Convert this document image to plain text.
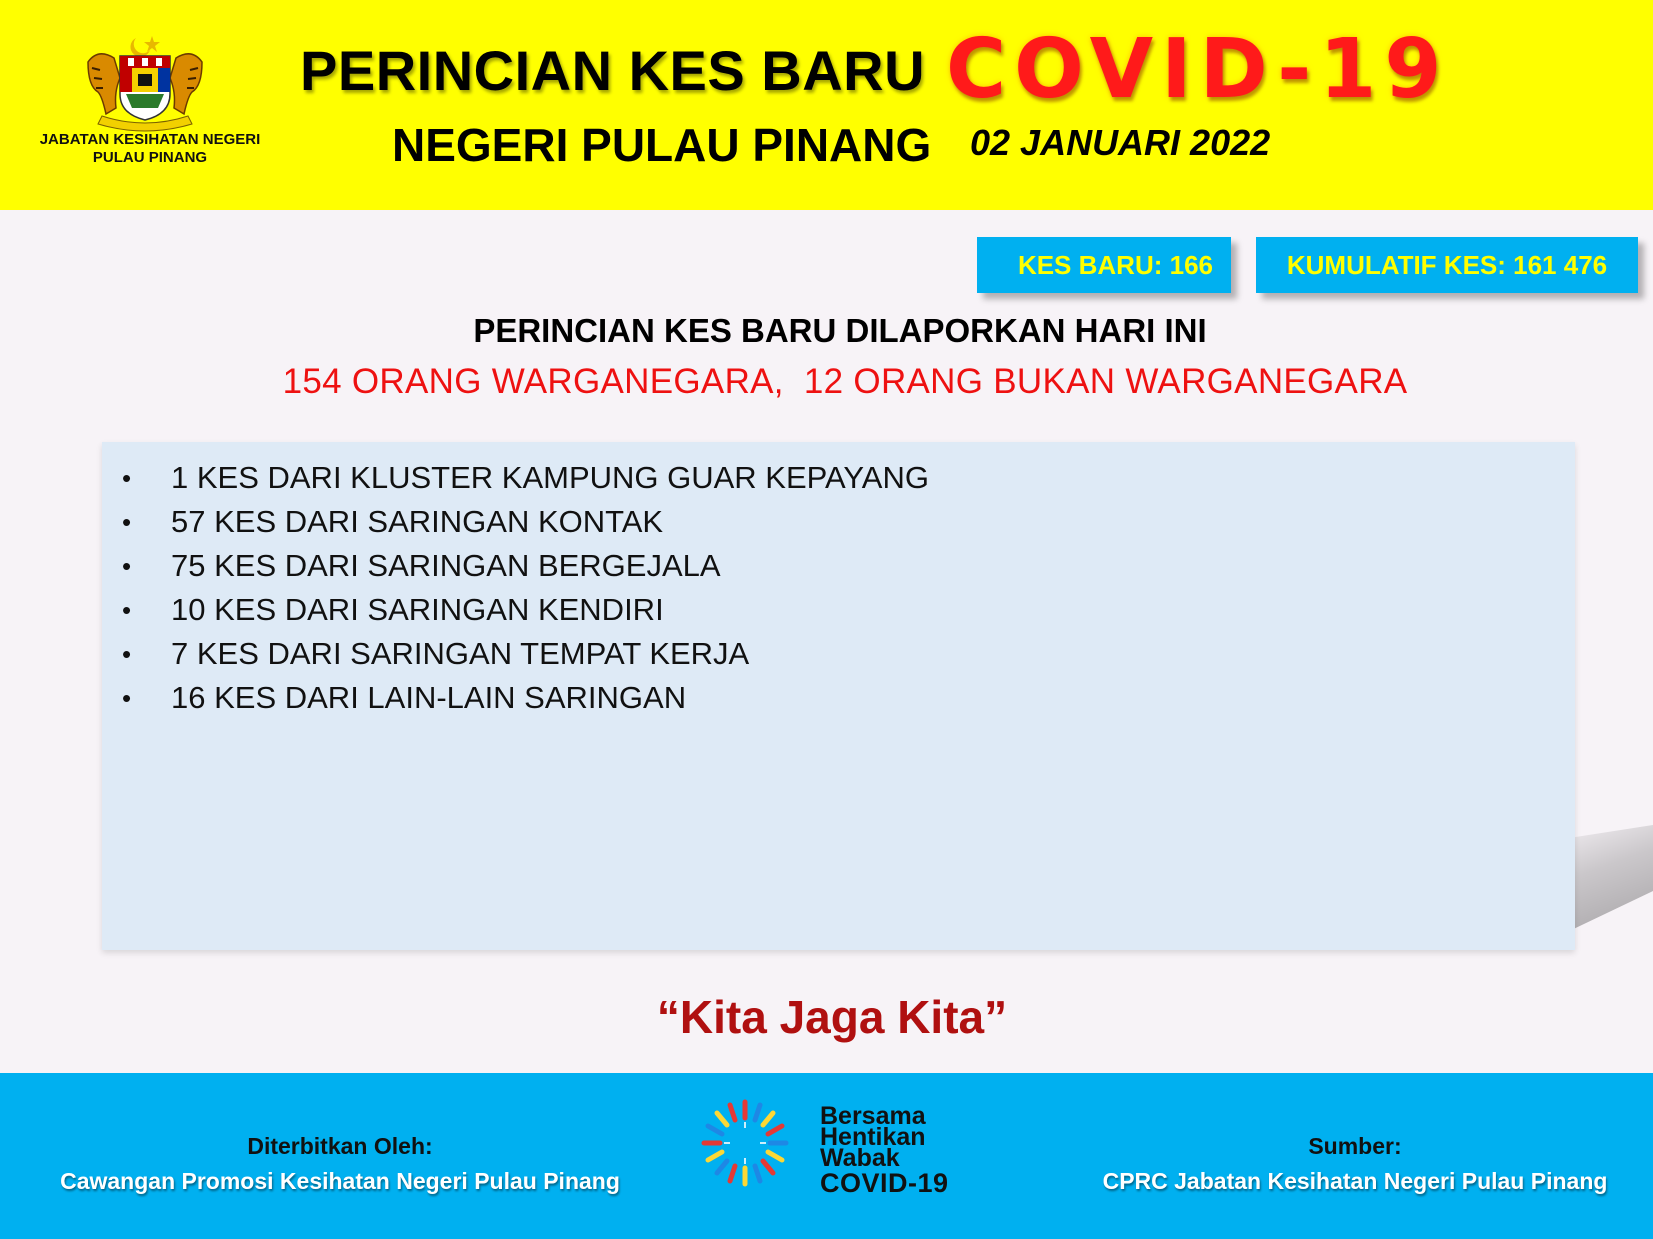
JABATAN KESIHATAN NEGERI
PULAU PINANG
PERINCIAN KES BARU COVID-19
NEGERI PULAU PINANG	02 JANUARI 2022
KES BARU: 166	KUMULATIF KES: 161 476
PERINCIAN KES BARU DILAPORKAN HARI INI
154 ORANG WARGANEGARA,  12 ORANG BUKAN WARGANEGARA
• 1 KES DARI KLUSTER KAMPUNG GUAR KEPAYANG
• 57 KES DARI SARINGAN KONTAK
• 75 KES DARI SARINGAN BERGEJALA
• 10 KES DARI SARINGAN KENDIRI
• 7 KES DARI SARINGAN TEMPAT KERJA
• 16 KES DARI LAIN-LAIN SARINGAN
“Kita Jaga Kita”
Diterbitkan Oleh:
Cawangan Promosi Kesihatan Negeri Pulau Pinang
Bersama
Hentikan
Wabak
COVID-19
Sumber:
CPRC Jabatan Kesihatan Negeri Pulau Pinang
